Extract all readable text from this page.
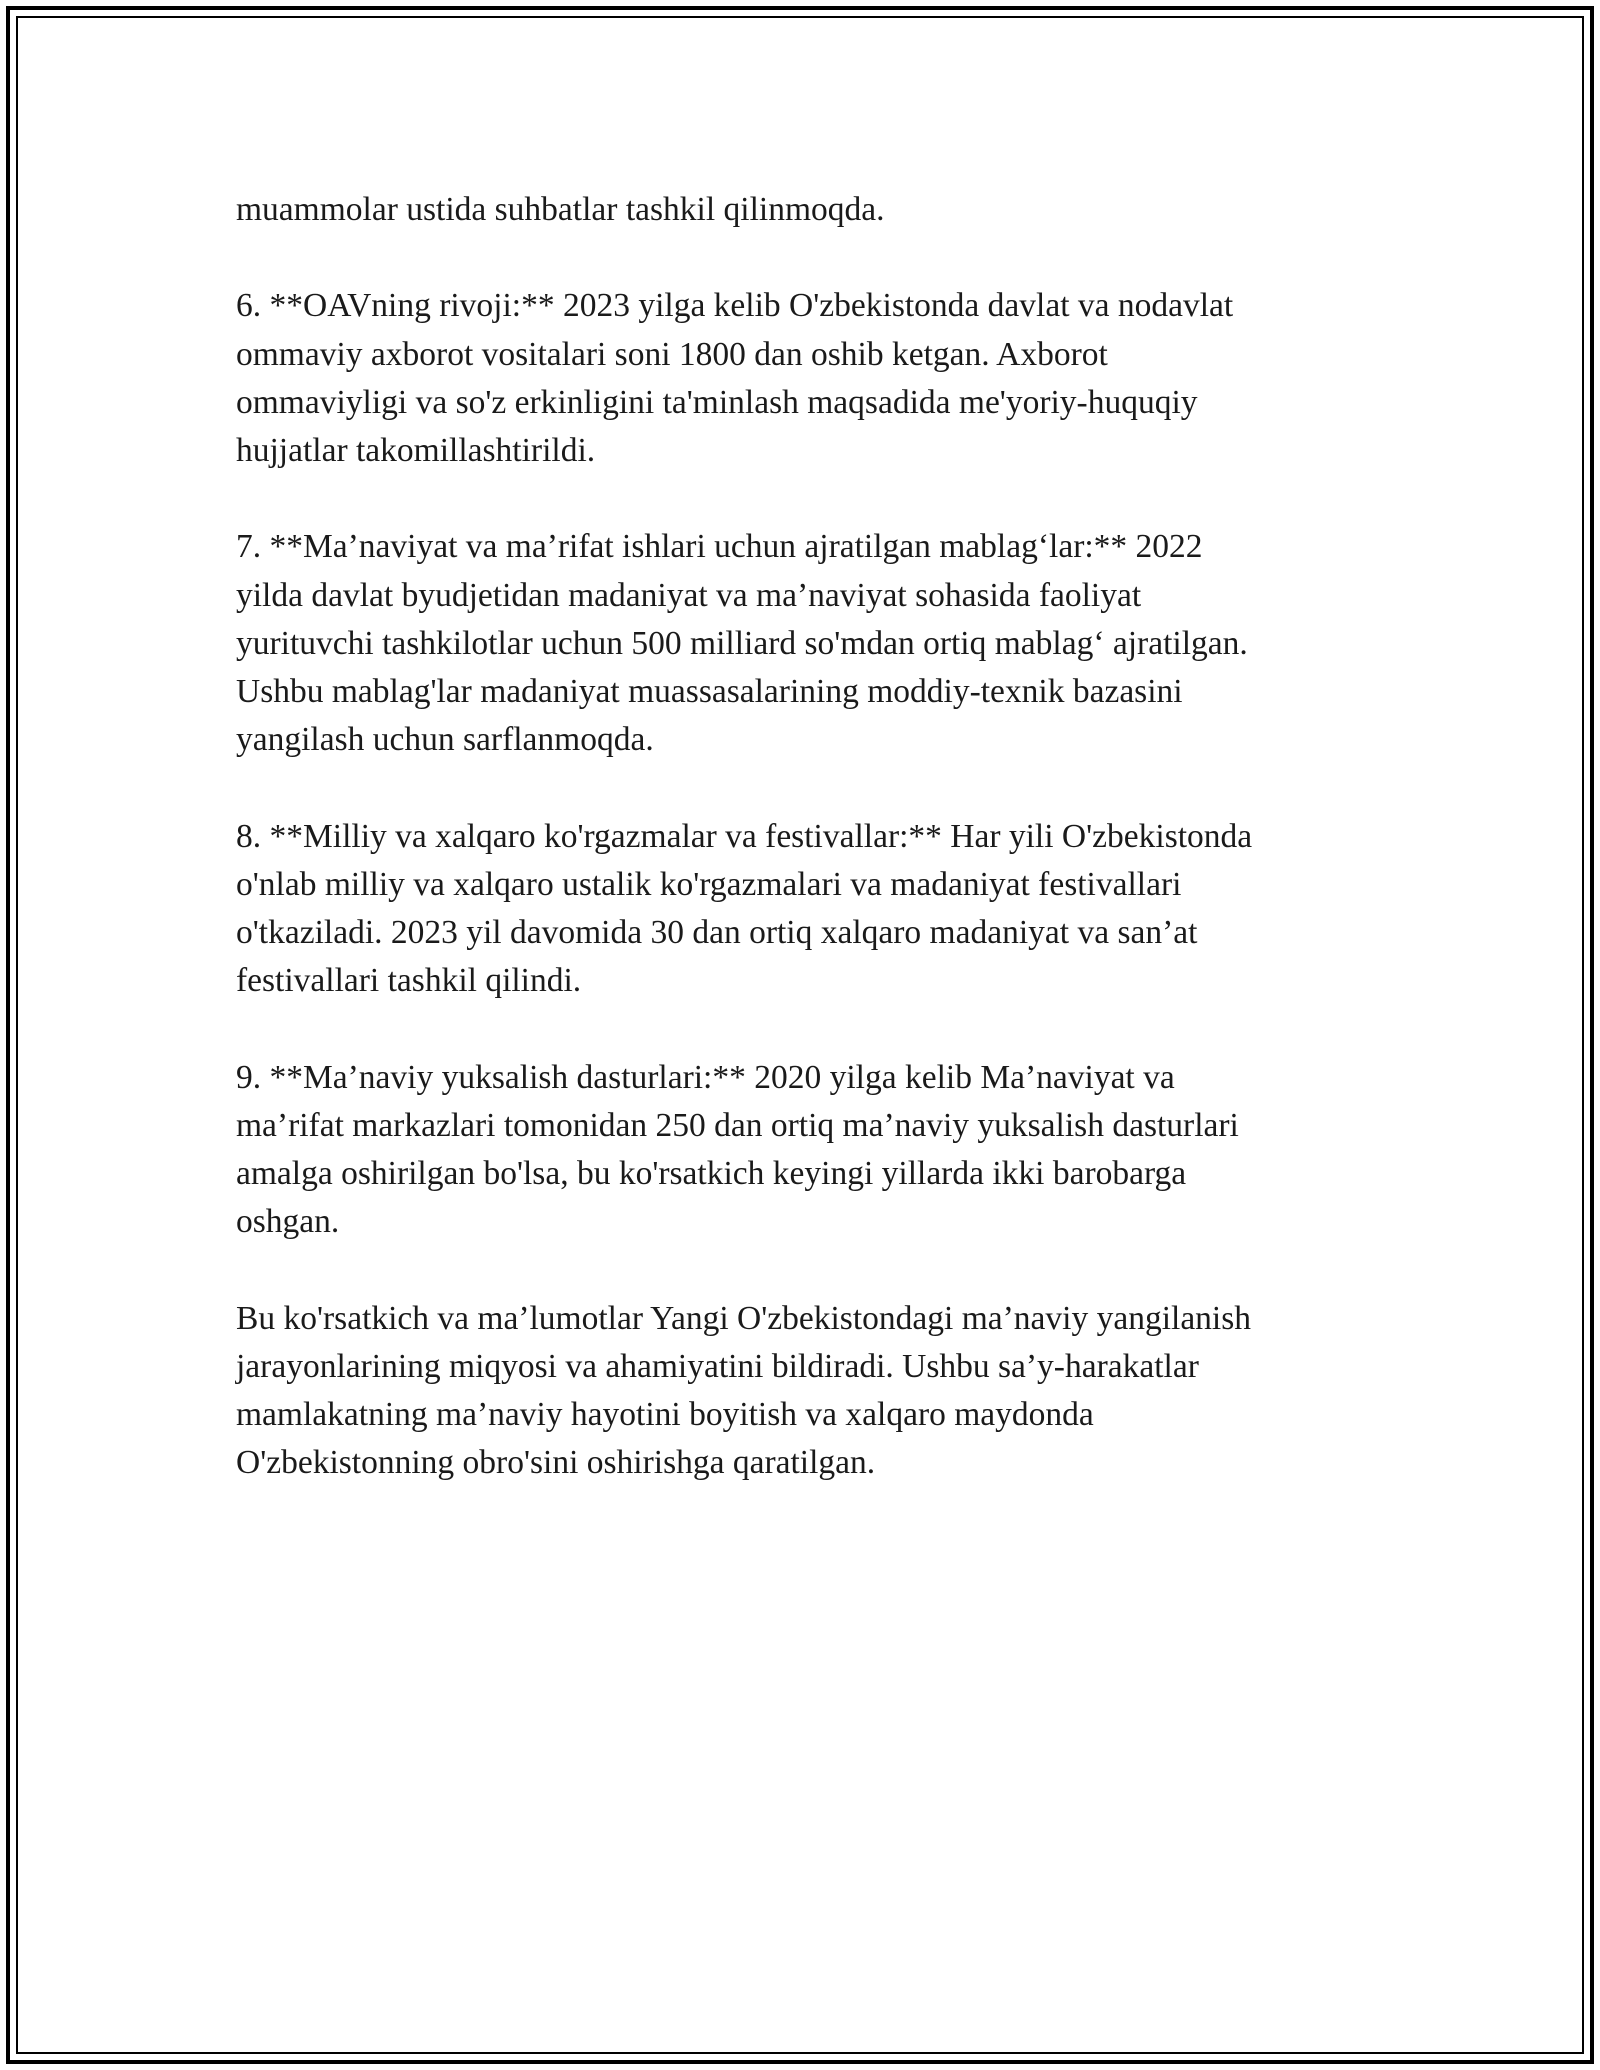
muammolar ustida suhbatlar tashkil qilinmoqda.

6. **OAVning rivoji:** 2023 yilga kelib O'zbekistonda davlat va nodavlat
ommaviy axborot vositalari soni 1800 dan oshib ketgan. Axborot
ommaviyligi va so'z erkinligini ta'minlash maqsadida me'yoriy-huquqiy
hujjatlar takomillashtirildi.

7. **Ma’naviyat va ma’rifat ishlari uchun ajratilgan mablag‘lar:** 2022
yilda davlat byudjetidan madaniyat va ma’naviyat sohasida faoliyat
yurituvchi tashkilotlar uchun 500 milliard so'mdan ortiq mablag‘ ajratilgan.
Ushbu mablag'lar madaniyat muassasalarining moddiy-texnik bazasini
yangilash uchun sarflanmoqda.

8. **Milliy va xalqaro ko'rgazmalar va festivallar:** Har yili O'zbekistonda
o'nlab milliy va xalqaro ustalik ko'rgazmalari va madaniyat festivallari
o'tkaziladi. 2023 yil davomida 30 dan ortiq xalqaro madaniyat va san’at
festivallari tashkil qilindi.

9. **Ma’naviy yuksalish dasturlari:** 2020 yilga kelib Ma’naviyat va
ma’rifat markazlari tomonidan 250 dan ortiq ma’naviy yuksalish dasturlari
amalga oshirilgan bo'lsa, bu ko'rsatkich keyingi yillarda ikki barobarga
oshgan.

Bu ko'rsatkich va ma’lumotlar Yangi O'zbekistondagi ma’naviy yangilanish
jarayonlarining miqyosi va ahamiyatini bildiradi. Ushbu sa’y-harakatlar
mamlakatning ma’naviy hayotini boyitish va xalqaro maydonda
O'zbekistonning obro'sini oshirishga qaratilgan.
